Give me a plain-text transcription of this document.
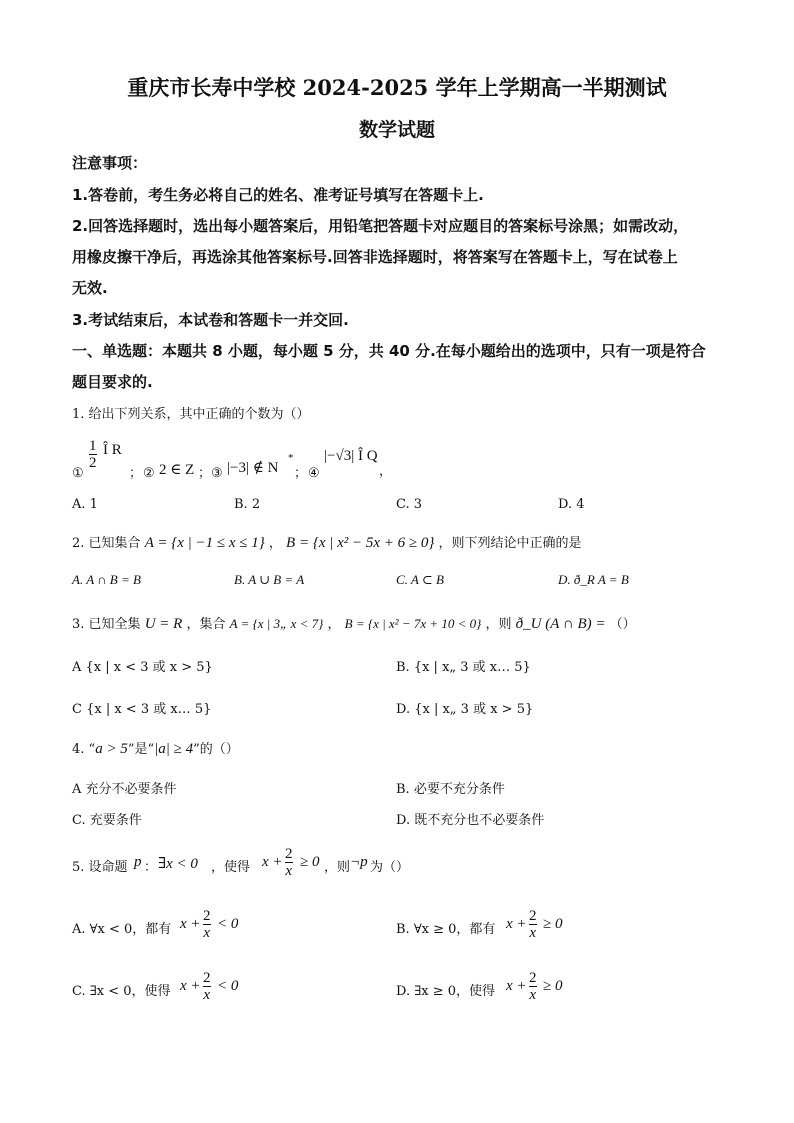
重庆市长寿中学校 2024-2025 学年上学期高一半期测试
数学试题
注意事项：
1.答卷前，考生务必将自己的姓名、准考证号填写在答题卡上.
2.回答选择题时，选出每小题答案后，用铅笔把答题卡对应题目的答案标号涂黑；如需改动，
用橡皮擦干净后，再选涂其他答案标号.回答非选择题时，将答案写在答题卡上，写在试卷上
无效.
3.考试结束后，本试卷和答题卡一并交回.
一、单选题：本题共 8 小题，每小题 5 分，共 40 分.在每小题给出的选项中，只有一项是符合
题目要求的.
1. 给出下列关系，其中正确的个数为（）
①
$\frac{1}{2}$ Î R
； ② 2 ∈ Z ； ③ |−3| ∉ N
*
； ④
|−√3| Î Q
，
A. 1	B. 2	C. 3	D. 4
2. 已知集合 A = {x | −1 ≤ x ≤ 1} ， B = {x | x² − 5x + 6 ≥ 0} ，则下列结论中正确的是
A. A ∩ B = B	B. A ∪ B = A	C. A ⊂ B	D. ð_R A = B
3. 已知全集 U = R ，集合 A = {x | 3„ x < 7} ， B = {x | x² − 7x + 10 < 0} ，则 ð_U (A ∩ B) = （）
A {x | x < 3 或 x > 5}	B. {x | x„ 3 或 x… 5}
C {x | x < 3 或 x… 5}	D. {x | x„ 3 或 x > 5}
4. “a > 5”是“|a| ≥ 4”的（）
A 充分不必要条件	B. 必要不充分条件
C. 充要条件	D. 既不充分也不必要条件
5. 设命题 p ： ∃x < 0 ，使得 $x + \frac{2}{x} \ge 0$ ，则 ¬p 为（）
A. ∀x < 0，都有 $x + \frac{2}{x} < 0$	B. ∀x ≥ 0，都有 $x + \frac{2}{x} \ge 0$
C. ∃x < 0，使得 $x + \frac{2}{x} < 0$	D. ∃x ≥ 0，使得 $x + \frac{2}{x} \ge 0$
